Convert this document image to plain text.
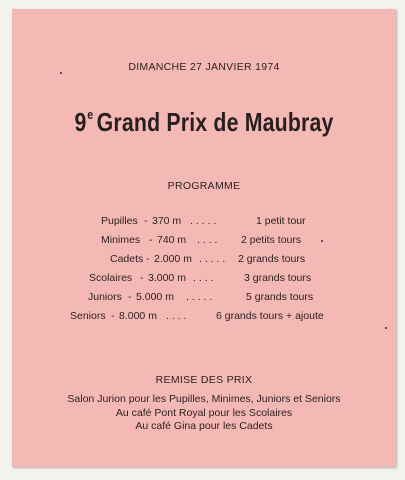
DIMANCHE 27 JANVIER 1974
9e Grand Prix de Maubray
PROGRAMME
Pupilles - 370 m . . . . .	1 petit tour
Minimes - 740 m . . . . 2 petits tours
Cadets - 2.000 m . . . . . 2 grands tours
Scolaires - 3.000 m . . . .	3 grands tours
Juniors - 5.000 m . . . . .	5 grands tours
Seniors - 8.000 m . . . .	6 grands tours + ajoute
REMISE DES PRIX
Salon Jurion pour les Pupilles, Minimes, Juniors et Seniors
Au café Pont Royal pour les Scolaires
Au café Gina pour les Cadets
